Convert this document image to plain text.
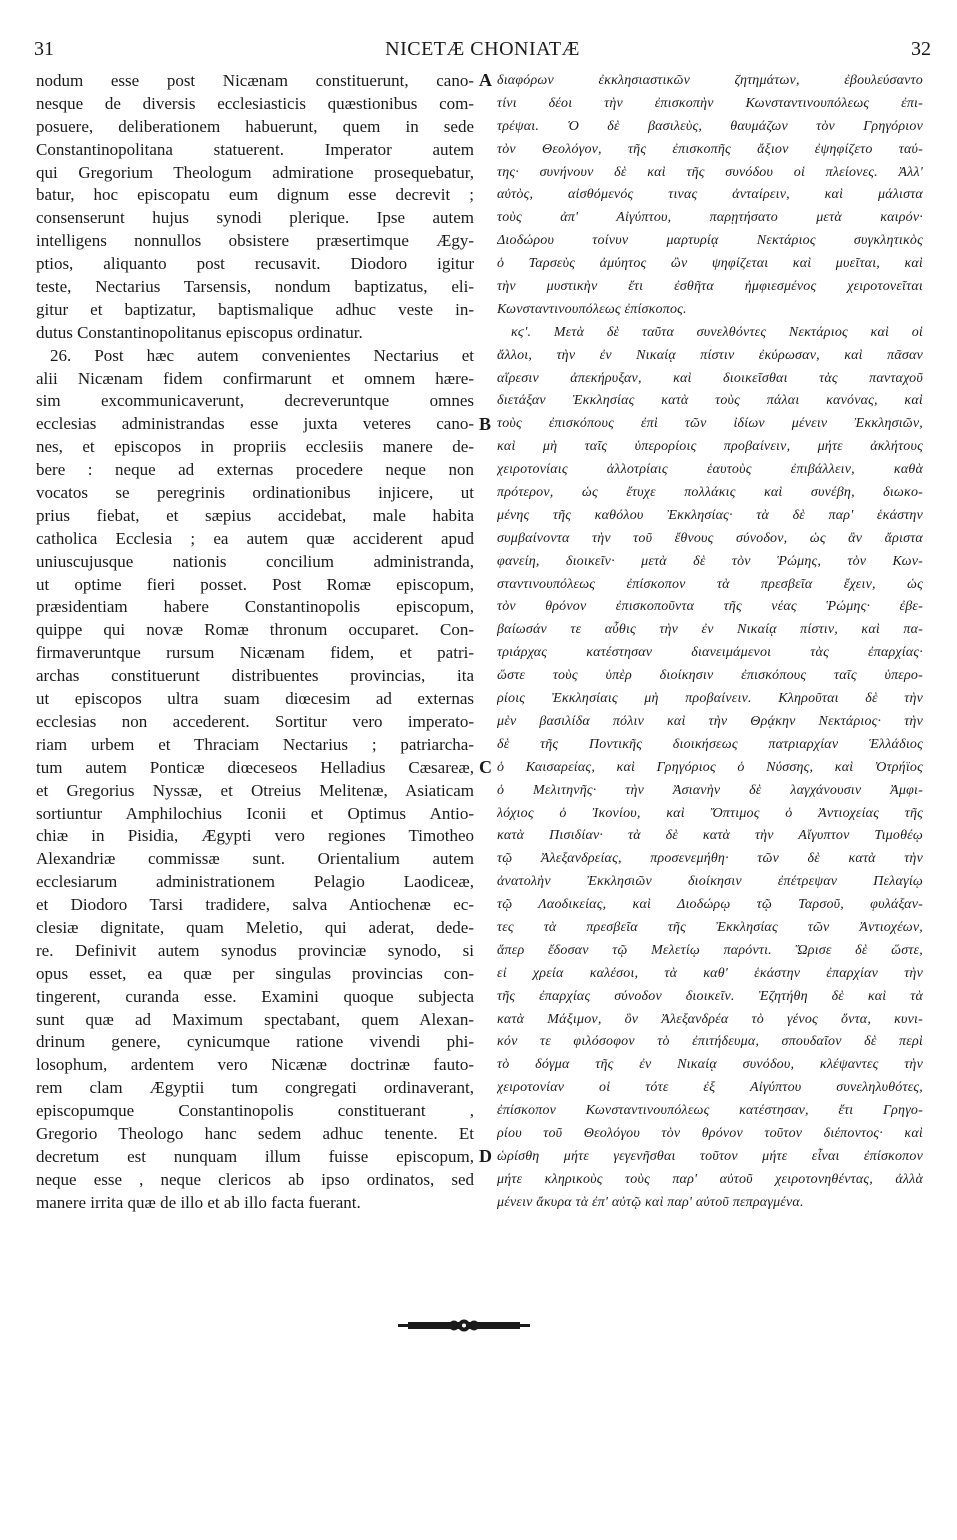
31	NICETÆ CHONIATÆ	32
nodum esse post Nicænam constituerunt, cano-
nesque de diversis ecclesiasticis quæstionibus com-
posuere, deliberationem habuerunt, quem in sede
Constantinopolitana statuerent. Imperator autem
qui Gregorium Theologum admiratione prosequebatur,
batur, hoc episcopatu eum dignum esse decrevit ;
consenserunt hujus synodi plerique. Ipse autem
intelligens nonnullos obsistere præsertimque Ægy-
ptios, aliquanto post recusavit. Diodoro igitur
teste, Nectarius Tarsensis, nondum baptizatus, eli-
gitur et baptizatur, baptismalique adhuc veste in-
dutus Constantinopolitanus episcopus ordinatur.
26. Post hæc autem convenientes Nectarius et
alii Nicænam fidem confirmarunt et omnem hære-
sim excommunicaverunt, decreveruntque omnes
ecclesias administrandas esse juxta veteres cano-
nes, et episcopos in propriis ecclesiis manere de-
bere : neque ad externas procedere neque non
vocatos se peregrinis ordinationibus injicere, ut
prius fiebat, et sæpius accidebat, male habita
catholica Ecclesia ; ea autem quæ acciderent apud
uniuscujusque nationis concilium administranda,
ut optime fieri posset. Post Romæ episcopum,
præsidentiam habere Constantinopolis episcopum,
quippe qui novæ Romæ thronum occuparet. Con-
firmaveruntque rursum Nicænam fidem, et patri-
archas constituerunt distribuentes provincias, ita
ut episcopos ultra suam diœcesim ad externas
ecclesias non accederent. Sortitur vero imperato-
riam urbem et Thraciam Nectarius ; patriarcha-
tum autem Ponticæ diœceseos Helladius Cæsareæ,
et Gregorius Nyssæ, et Otreius Melitenæ, Asiaticam
sortiuntur Amphilochius Iconii et Optimus Antio-
chiæ in Pisidia, Ægypti vero regiones Timotheo
Alexandriæ commissæ sunt. Orientalium autem
ecclesiarum administrationem Pelagio Laodiceæ,
et Diodoro Tarsi tradidere, salva Antiochenæ ec-
clesiæ dignitate, quam Meletio, qui aderat, dede-
re. Definivit autem synodus provinciæ synodo, si
opus esset, ea quæ per singulas provincias con-
tingerent, curanda esse. Examini quoque subjecta
sunt quæ ad Maximum spectabant, quem Alexan-
drinum genere, cynicumque ratione vivendi phi-
losophum, ardentem vero Nicænæ doctrinæ fauto-
rem clam Ægyptii tum congregati ordinaverant,
episcopumque Constantinopolis constituerant ,
Gregorio Theologo hanc sedem adhuc tenente. Et
decretum est nunquam illum fuisse episcopum,
neque esse , neque clericos ab ipso ordinatos, sed
manere irrita quæ de illo et ab illo facta fuerant.
διαφόρων ἐκκλησιαστικῶν ζητημάτων, ἐβουλεύσαντο
τίνι δέοι τὴν ἐπισκοπὴν Κωνσταντινουπόλεως ἐπι-
τρέψαι. Ὁ δὲ βασιλεὺς, θαυμάζων τὸν Γρηγόριον
τὸν Θεολόγον, τῆς ἐπισκοπῆς ἄξιον ἐψηφίζετο ταύ-
της· συνήνουν δὲ καὶ τῆς συνόδου οἱ πλείονες. Ἀλλ'
αὐτὸς, αἰσθόμενός τινας ἀνταίρειν, καὶ μάλιστα
τοὺς ἀπ' Αἰγύπτου, παρῃτήσατο μετὰ καιρόν·
Διοδώρου τοίνυν μαρτυρίᾳ Νεκτάριος συγκλητικὸς
ὁ Ταρσεὺς ἀμύητος ὢν ψηφίζεται καὶ μυεῖται, καὶ
τὴν μυστικὴν ἔτι ἐσθῆτα ἠμφιεσμένος χειροτονεῖται
Κωνσταντινουπόλεως ἐπίσκοπος.
κϛ'. Μετὰ δὲ ταῦτα συνελθόντες Νεκτάριος καὶ οἱ
ἄλλοι, τὴν ἐν Νικαίᾳ πίστιν ἐκύρωσαν, καὶ πᾶσαν
αἵρεσιν ἀπεκήρυξαν, καὶ διοικεῖσθαι τὰς πανταχοῦ
διετάξαν Ἐκκλησίας κατὰ τοὺς πάλαι κανόνας, καὶ
τοὺς ἐπισκόπους ἐπὶ τῶν ἰδίων μένειν Ἐκκλησιῶν,
καὶ μὴ ταῖς ὑπερορίοις προβαίνειν, μήτε ἀκλήτους
χειροτονίαις ἀλλοτρίαις ἑαυτοὺς ἐπιβάλλειν, καθὰ
πρότερον, ὡς ἔτυχε πολλάκις καὶ συνέβη, διωκο-
μένης τῆς καθόλου Ἐκκλησίας· τὰ δὲ παρ' ἑκάστην
συμβαίνοντα τὴν τοῦ ἔθνους σύνοδον, ὡς ἂν ἄριστα
φανείη, διοικεῖν· μετὰ δὲ τὸν Ῥώμης, τὸν Κων-
σταντινουπόλεως ἐπίσκοπον τὰ πρεσβεῖα ἔχειν, ὡς
τὸν θρόνον ἐπισκοποῦντα τῆς νέας Ῥώμης· ἐβε-
βαίωσάν τε αὖθις τὴν ἐν Νικαίᾳ πίστιν, καὶ πα-
τριάρχας κατέστησαν διανειμάμενοι τὰς ἐπαρχίας·
ὥστε τοὺς ὑπὲρ διοίκησιν ἐπισκόπους ταῖς ὑπερο-
ρίοις Ἐκκλησίαις μὴ προβαίνειν. Κληροῦται δὲ τὴν
μὲν βασιλίδα πόλιν καὶ τὴν Θρᾴκην Νεκτάριος· τὴν
δὲ τῆς Ποντικῆς διοικήσεως πατριαρχίαν Ἑλλάδιος
ὁ Καισαρείας, καὶ Γρηγόριος ὁ Νύσσης, καὶ Ὀτρήϊος
ὁ Μελιτηνῆς· τὴν Ἀσιανὴν δὲ λαγχάνουσιν Ἀμφι-
λόχιος ὁ Ἰκονίου, καὶ Ὄπτιμος ὁ Ἀντιοχείας τῆς
κατὰ Πισιδίαν· τὰ δὲ κατὰ τὴν Αἴγυπτον Τιμοθέῳ
τῷ Ἀλεξανδρείας, προσενεμήθη· τῶν δὲ κατὰ τὴν
ἀνατολὴν Ἐκκλησιῶν διοίκησιν ἐπέτρεψαν Πελαγίῳ
τῷ Λαοδικείας, καὶ Διοδώρῳ τῷ Ταρσοῦ, φυλάξαν-
τες τὰ πρεσβεῖα τῆς Ἐκκλησίας τῶν Ἀντιοχέων,
ἅπερ ἔδοσαν τῷ Μελετίῳ παρόντι. Ὥρισε δὲ ὥστε,
εἰ χρεία καλέσοι, τὰ καθ' ἑκάστην ἐπαρχίαν τὴν
τῆς ἐπαρχίας σύνοδον διοικεῖν. Ἐζητήθη δὲ καὶ τὰ
κατὰ Μάξιμον, ὃν Ἀλεξανδρέα τὸ γένος ὄντα, κυνι-
κόν τε φιλόσοφον τὸ ἐπιτήδευμα, σπουδαῖον δὲ περὶ
τὸ δόγμα τῆς ἐν Νικαίᾳ συνόδου, κλέψαντες τὴν
χειροτονίαν οἱ τότε ἐξ Αἰγύπτου συνεληλυθότες,
ἐπίσκοπον Κωνσταντινουπόλεως κατέστησαν, ἔτι Γρηγο-
ρίου τοῦ Θεολόγου τὸν θρόνον τοῦτον διέποντος· καὶ
ὡρίσθη μήτε γεγενῆσθαι τοῦτον μήτε εἶναι ἐπίσκοπον
μήτε κληρικοὺς τοὺς παρ' αὐτοῦ χειροτονηθέντας, ἀλλὰ
μένειν ἄκυρα τὰ ἐπ' αὐτῷ καὶ παρ' αὐτοῦ πεπραγμένα.
A
B
C
D
